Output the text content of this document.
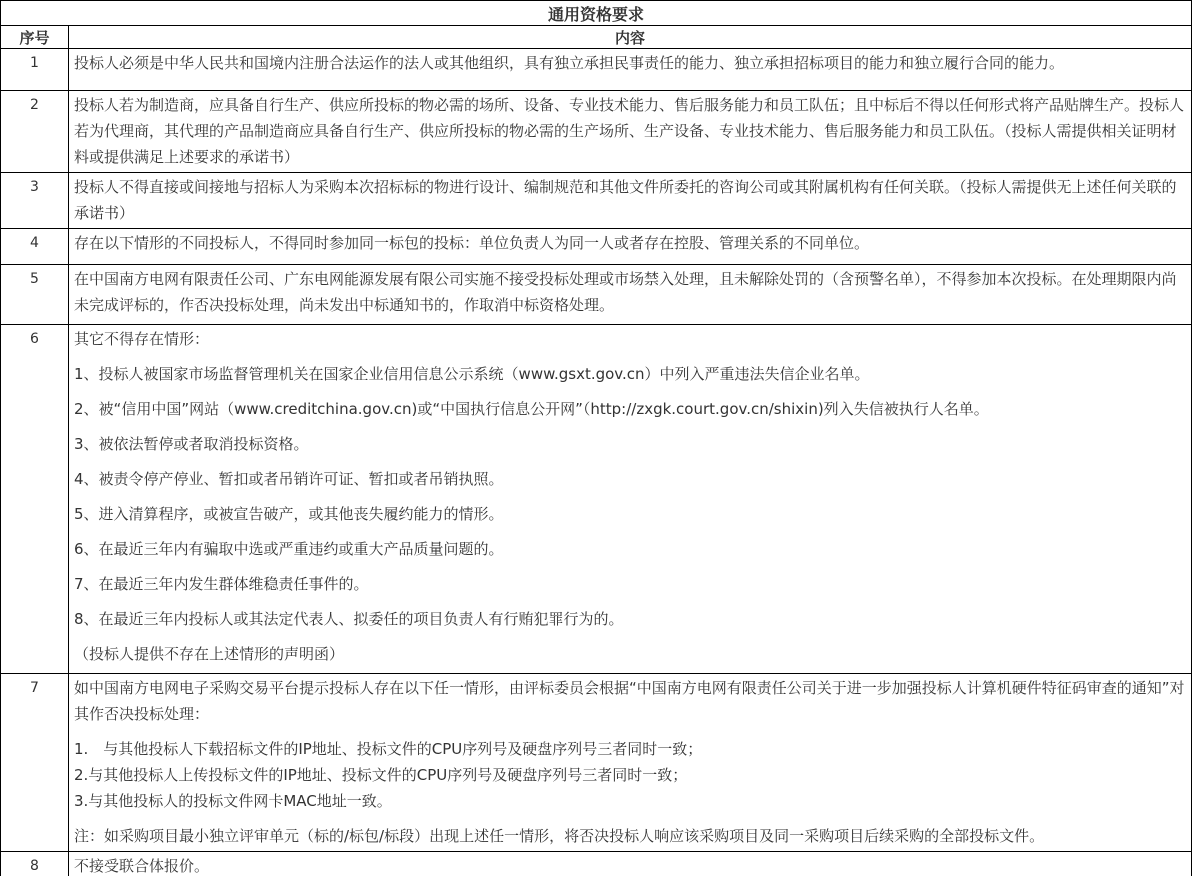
通用资格要求	
序号	内容
1	投标人必须是中华人民共和国境内注册合法运作的法人或其他组织，具有独立承担民事责任的能力、独立承担招标项目的能力和独立履行合同的能力。

2	投标人若为制造商，应具备自行生产、供应所投标的物必需的场所、设备、专业技术能力、售后服务能力和员工队伍；且中标后不得以任何形式将产品贴牌生产。投标人若为代理商，其代理的产品制造商应具备自行生产、供应所投标的物必需的生产场所、生产设备、专业技术能力、售后服务能力和员工队伍。（投标人需提供相关证明材料或提供满足上述要求的承诺书）

3	投标人不得直接或间接地与招标人为采购本次招标标的物进行设计、编制规范和其他文件所委托的咨询公司或其附属机构有任何关联。（投标人需提供无上述任何关联的承诺书）

4	存在以下情形的不同投标人，不得同时参加同一标包的投标：单位负责人为同一人或者存在控股、管理关系的不同单位。

5	在中国南方电网有限责任公司、广东电网能源发展有限公司实施不接受投标处理或市场禁入处理，且未解除处罚的（含预警名单），不得参加本次投标。在处理期限内尚未完成评标的，作否决投标处理，尚未发出中标通知书的，作取消中标资格处理。

6	其它不得存在情形：
1、投标人被国家市场监督管理机关在国家企业信用信息公示系统（www.gsxt.gov.cn）中列入严重违法失信企业名单。
2、被“信用中国”网站（www.creditchina.gov.cn)或“中国执行信息公开网”（http://zxgk.court.gov.cn/shixin)列入失信被执行人名单。
3、被依法暂停或者取消投标资格。
4、被责令停产停业、暂扣或者吊销许可证、暂扣或者吊销执照。
5、进入清算程序，或被宣告破产，或其他丧失履约能力的情形。
6、在最近三年内有骗取中选或严重违约或重大产品质量问题的。
7、在最近三年内发生群体维稳责任事件的。
8、在最近三年内投标人或其法定代表人、拟委任的项目负责人有行贿犯罪行为的。
（投标人提供不存在上述情形的声明函）

7	如中国南方电网电子采购交易平台提示投标人存在以下任一情形，由评标委员会根据“中国南方电网有限责任公司关于进一步加强投标人计算机硬件特征码审查的通知”对其作否决投标处理：
1.　与其他投标人下载招标文件的IP地址、投标文件的CPU序列号及硬盘序列号三者同时一致；
2.与其他投标人上传投标文件的IP地址、投标文件的CPU序列号及硬盘序列号三者同时一致；
3.与其他投标人的投标文件网卡MAC地址一致。
注：如采购项目最小独立评审单元（标的/标包/标段）出现上述任一情形，将否决投标人响应该采购项目及同一采购项目后续采购的全部投标文件。

8	不接受联合体报价。
